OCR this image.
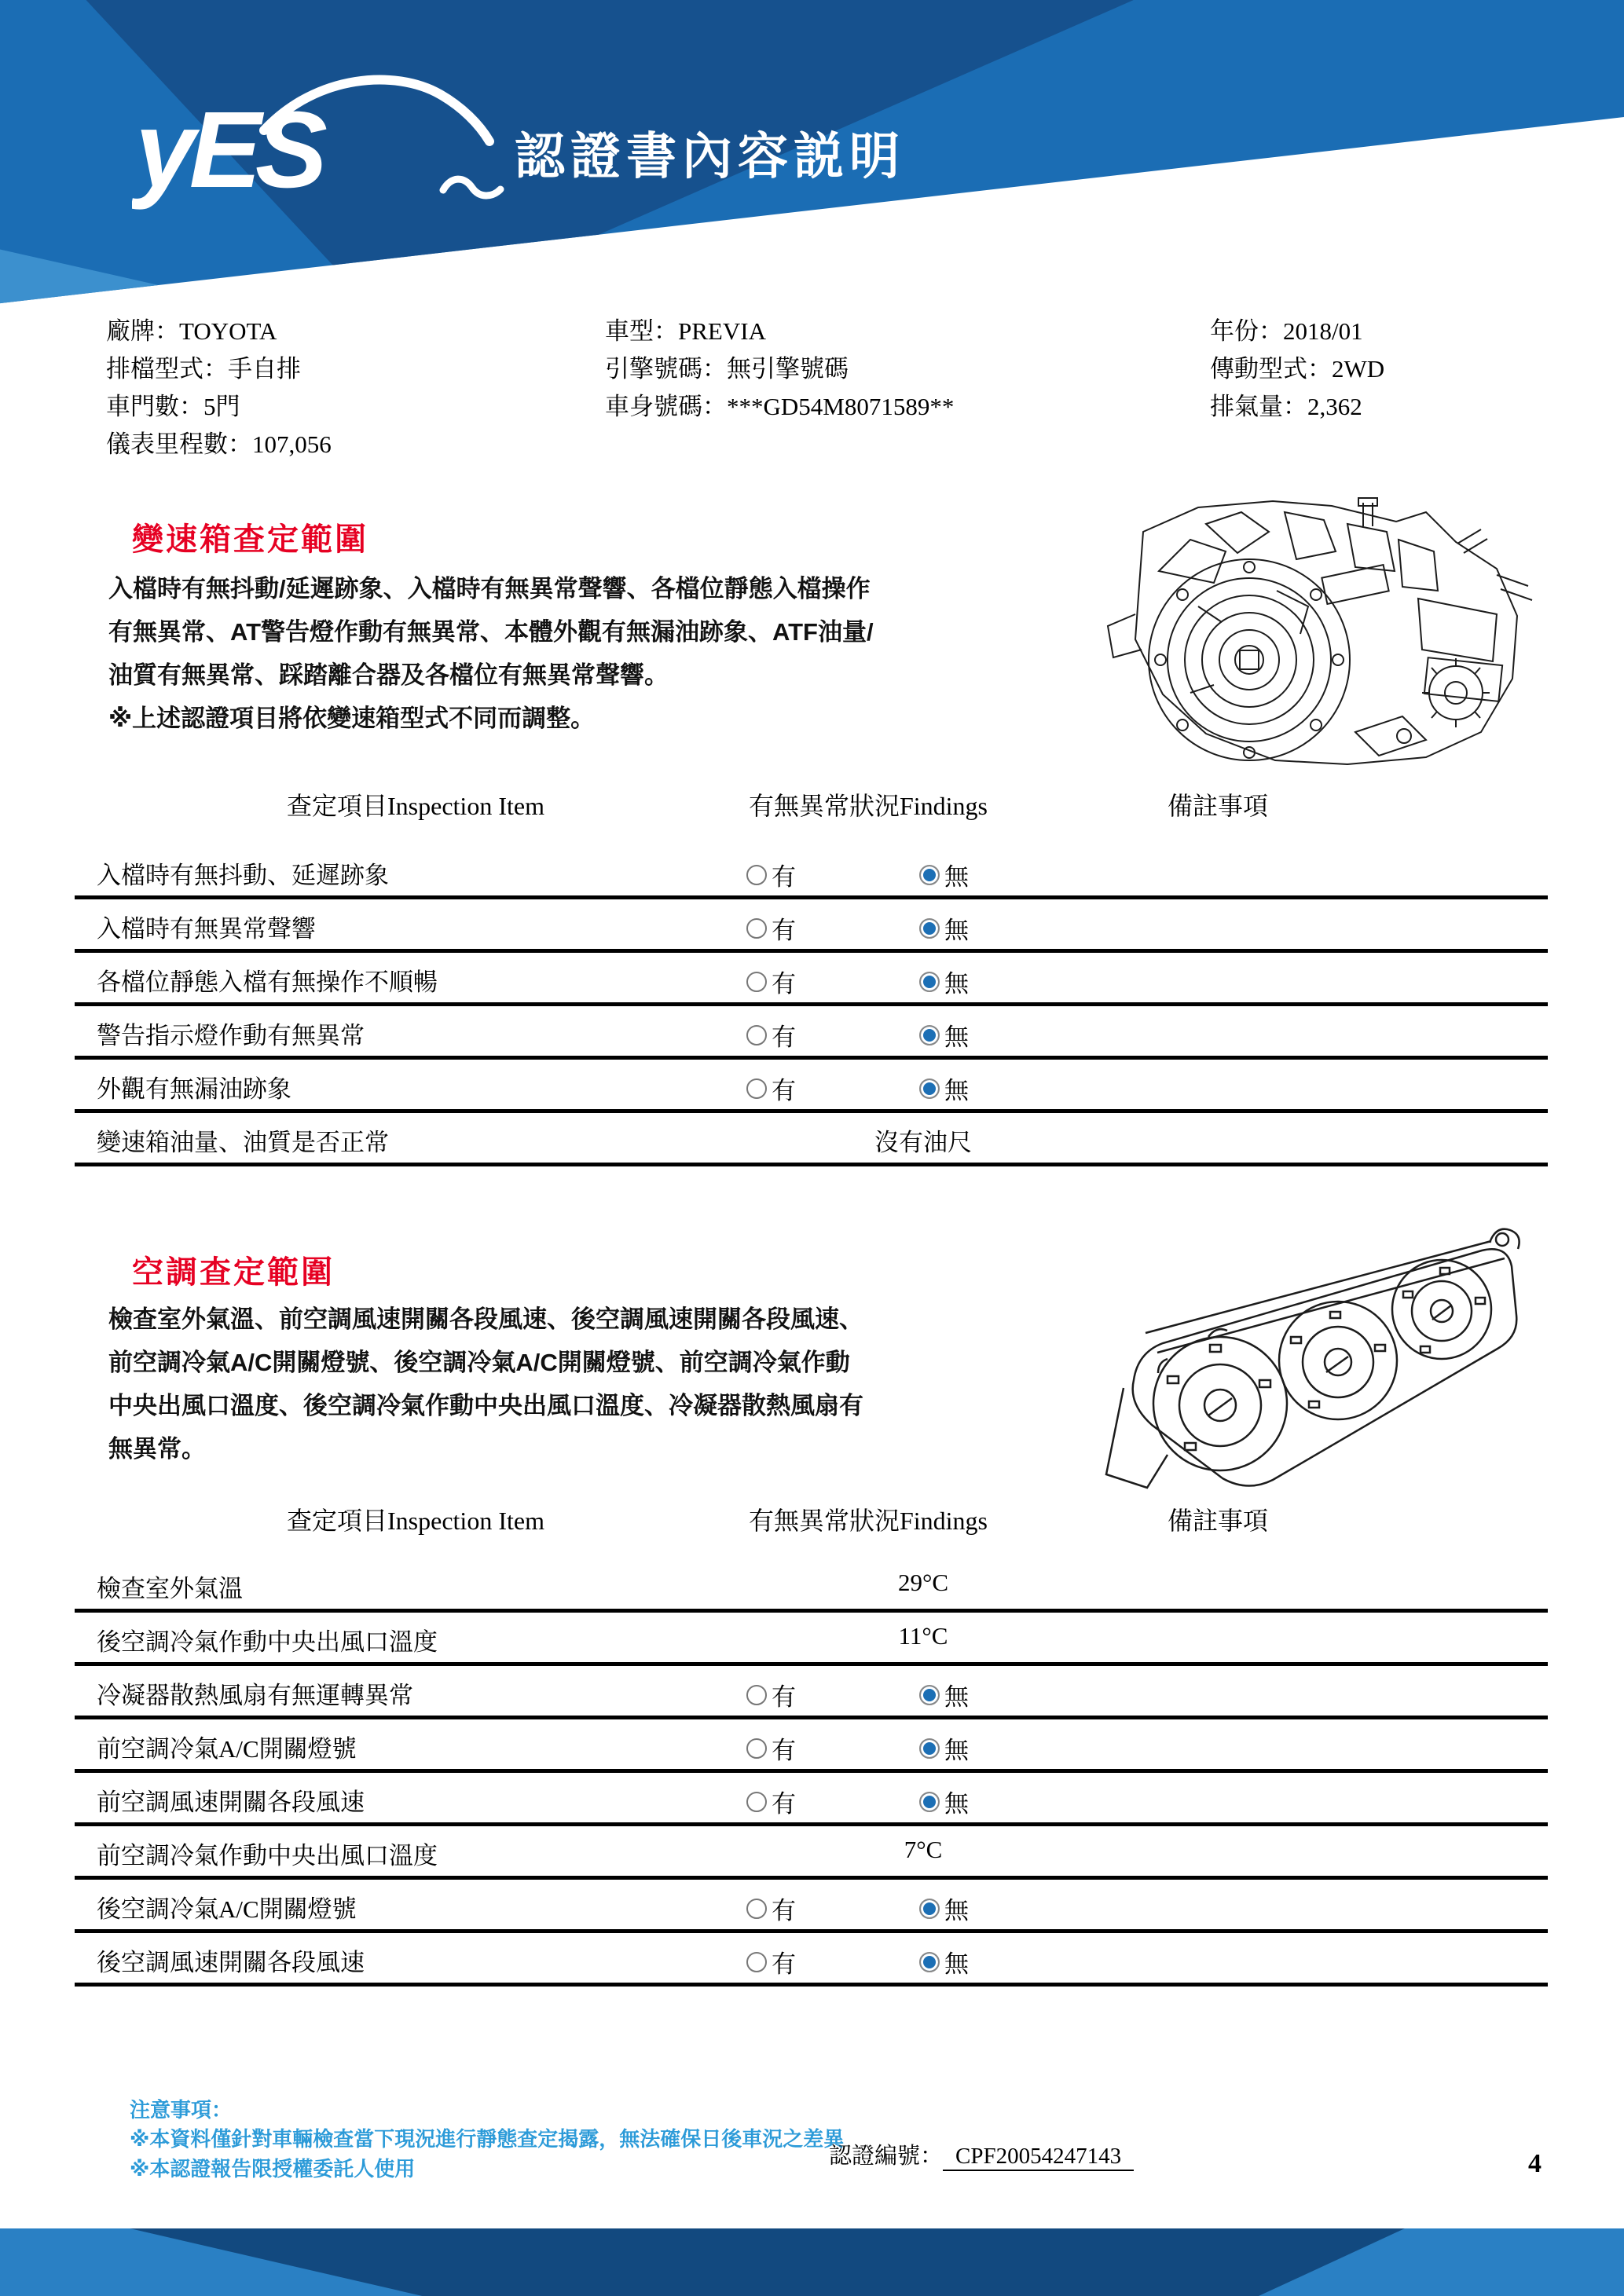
yES	認證書內容説明
廠牌：TOYOTA
排檔型式：手自排
車門數：5門
儀表里程數：107,056
車型：PREVIA
引擎號碼：無引擎號碼
車身號碼：***GD54M8071589**
年份：2018/01
傳動型式：2WD
排氣量：2,362
變速箱查定範圍
入檔時有無抖動/延遲跡象、入檔時有無異常聲響、各檔位靜態入檔操作
有無異常、AT警告燈作動有無異常、本體外觀有無漏油跡象、ATF油量/
油質有無異常、踩踏離合器及各檔位有無異常聲響。
※上述認證項目將依變速箱型式不同而調整。
查定項目Inspection Item	有無異常狀況Findings	備註事項
入檔時有無抖動、延遲跡象	有	無
入檔時有無異常聲響	有	無
各檔位靜態入檔有無操作不順暢	有	無
警告指示燈作動有無異常	有	無
外觀有無漏油跡象	有	無
變速箱油量、油質是否正常	沒有油尺
空調查定範圍
檢查室外氣溫、前空調風速開關各段風速、後空調風速開關各段風速、
前空調冷氣A/C開關燈號、後空調冷氣A/C開關燈號、前空調冷氣作動
中央出風口溫度、後空調冷氣作動中央出風口溫度、冷凝器散熱風扇有
無異常。
查定項目Inspection Item	有無異常狀況Findings	備註事項
檢查室外氣溫	29°C
後空調冷氣作動中央出風口溫度	11°C
冷凝器散熱風扇有無運轉異常	有	無
前空調冷氣A/C開關燈號	有	無
前空調風速開關各段風速	有	無
前空調冷氣作動中央出風口溫度	7°C
後空調冷氣A/C開關燈號	有	無
後空調風速開關各段風速	有	無
注意事項：
※本資料僅針對車輛檢查當下現況進行靜態查定揭露，無法確保日後車況之差異
※本認證報告限授權委託人使用	認證編號： CPF20054247143	4
